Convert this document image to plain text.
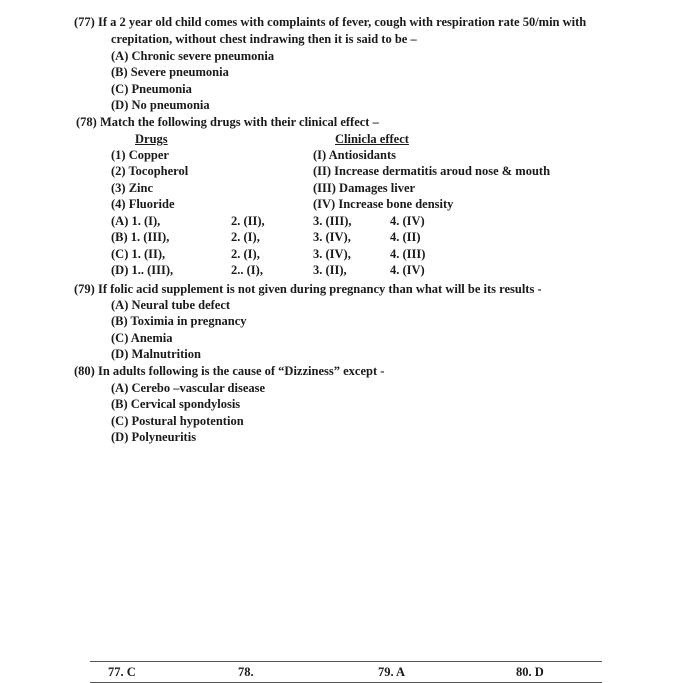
(77) If a 2 year old child comes with complaints of fever, cough with respiration rate 50/min with
crepitation, without chest indrawing then it is said to be –
(A) Chronic severe pneumonia
(B) Severe pneumonia
(C) Pneumonia
(D) No pneumonia
(78) Match the following drugs with their clinical effect –
Drugs	Clinicla effect
(1) Copper	(I) Antiosidants
(2) Tocopherol	(II) Increase dermatitis aroud nose & mouth
(3) Zinc	(III) Damages liver
(4) Fluoride	(IV) Increase bone density
(A) 1. (I),	2. (II),	3. (III),	4. (IV)
(B) 1. (III),	2. (I),	3. (IV),	4. (II)
(C) 1. (II),	2. (I),	3. (IV),	4. (III)
(D) 1.. (III),	2.. (I),	3. (II),	4. (IV)
(79) If folic acid supplement is not given during pregnancy than what will be its results -
(A) Neural tube defect
(B) Toximia in pregnancy
(C) Anemia
(D) Malnutrition
(80) In adults following is the cause of “Dizziness” except -
(A) Cerebo –vascular disease
(B) Cervical spondylosis
(C) Postural hypotention
(D) Polyneuritis
77. C	78.	79. A	80. D
